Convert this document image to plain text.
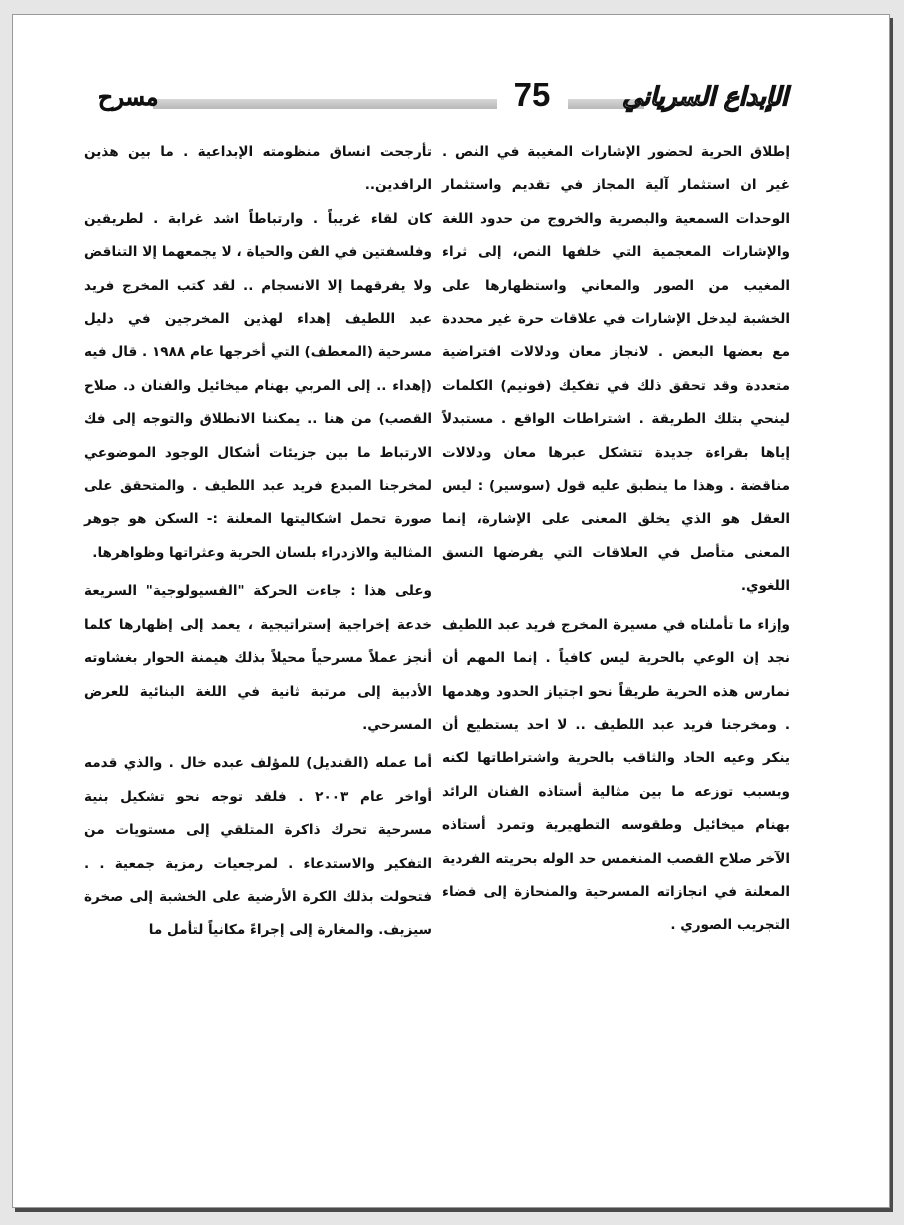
مسرح	75	الإبداع السرياني

إطلاق الحرية لحضور الإشارات المغيبة في النص . غير ان استثمار آلية المجاز في تقديم واستثمار الوحدات السمعية والبصرية والخروج من حدود اللغة والإشارات المعجمية التي خلفها النص، إلى ثراء المغيب من الصور والمعاني واستظهارها على الخشبة ليدخل الإشارات في علاقات حرة غير محددة مع بعضها البعض . لانجاز معان ودلالات افتراضية متعددة وقد تحقق ذلك في تفكيك (فونيم) الكلمات لينحي بتلك الطريقة . اشتراطات الواقع . مستبدلاً إياها بقراءة جديدة تتشكل عبرها معان ودلالات مناقضة . وهذا ما ينطبق عليه قول (سوسير) : ليس العقل هو الذي يخلق المعنى على الإشارة، إنما المعنى متأصل في العلاقات التي يفرضها النسق اللغوي.

وإزاء ما تأملناه في مسيرة المخرج فريد عبد اللطيف نجد إن الوعي بالحرية ليس كافياً . إنما المهم أن نمارس هذه الحرية طريقاً نحو اجتياز الحدود وهدمها . ومخرجنا فريد عبد اللطيف .. لا احد يستطيع أن ينكر وعيه الحاد والثاقب بالحرية واشتراطاتها لكنه وبسبب توزعه ما بين مثالية أستاذه الفنان الرائد بهنام ميخائيل وطقوسه التطهيرية وتمرد أستاذه الآخر صلاح القصب المنغمس حد الوله بحريته الفردية المعلنة في انجازاته المسرحية والمنحازة إلى فضاء التجريب الصوري .

تأرجحت انساق منظومته الإبداعية . ما بين هذين الرافدين..

كان لقاء غريباً . وارتباطاً اشد غرابة . لطريقين وفلسفتين في الفن والحياة ، لا يجمعهما إلا التناقض ولا يفرقهما إلا الانسجام .. لقد كتب المخرج فريد عبد اللطيف إهداء لهذين المخرجين في دليل مسرحية (المعطف) التي أخرجها عام ١٩٨٨ . قال فيه (إهداء .. إلى المربي بهنام ميخائيل والفنان د. صلاح القصب) من هنا .. يمكننا الانطلاق والتوجه إلى فك الارتباط ما بين جزيئات أشكال الوجود الموضوعي لمخرجنا المبدع فريد عبد اللطيف . والمتحقق على صورة تحمل اشكاليتها المعلنة :- السكن هو جوهر المثالية والازدراء بلسان الحرية وعثراتها وظواهرها.

وعلى هذا : جاءت الحركة "الفسيولوجية" السريعة خدعة إخراجية إستراتيجية ، يعمد إلى إظهارها كلما أنجز عملاً مسرحياً محيلاً بذلك هيمنة الحوار بغشاوته الأدبية إلى مرتبة ثانية في اللغة البنائية للعرض المسرحي.

أما عمله (القنديل) للمؤلف عبده خال . والذي قدمه أواخر عام ٢٠٠٣ . فلقد توجه نحو تشكيل بنية مسرحية تحرك ذاكرة المتلقي إلى مستويات من التفكير والاستدعاء . لمرجعيات رمزية جمعية . . فتحولت بذلك الكرة الأرضية على الخشبة إلى صخرة سيزيف. والمغارة إلى إجراءً مكانياً لتأمل ما
